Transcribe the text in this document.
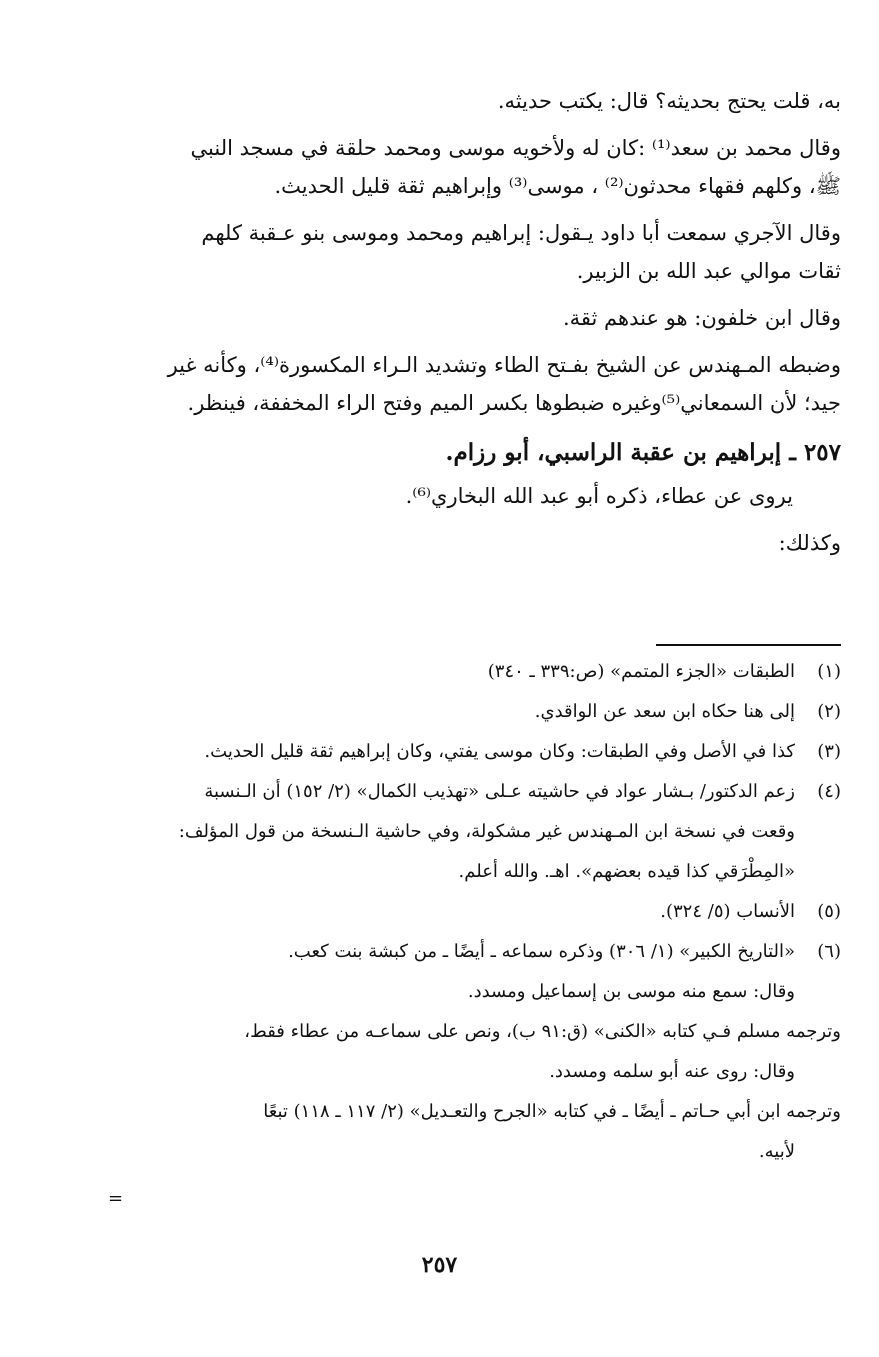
به، قلت يحتج بحديثه؟ قال: يكتب حديثه.
وقال محمد بن سعد⁽¹⁾ :كان له ولأخويه موسى ومحمد حلقة في مسجد النبي
ﷺ، وكلهم فقهاء محدثون⁽²⁾ ، موسى⁽³⁾ وإبراهيم ثقة قليل الحديث.
وقال الآجري سمعت أبا داود يـقول: إبراهيم ومحمد وموسى بنو عـقبة كلهم
ثقات موالي عبد الله بن الزبير.
وقال ابن خلفون: هو عندهم ثقة.
وضبطه المـهندس عن الشيخ بفـتح الطاء وتشديد الـراء المكسورة⁽⁴⁾، وكأنه غير
جيد؛ لأن السمعاني⁽⁵⁾وغيره ضبطوها بكسر الميم وفتح الراء المخففة، فينظر.
٢٥٧ ـ إبراهيم بن عقبة الراسبي، أبو رزام.
يروى عن عطاء، ذكره أبو عبد الله البخاري⁽⁶⁾.
وكذلك:
(١)
الطبقات «الجزء المتمم» (ص:٣٣٩ ـ ٣٤٠)
(٢)
إلى هنا حكاه ابن سعد عن الواقدي.
(٣)
كذا في الأصل وفي الطبقات: وكان موسى يفتي، وكان إبراهيم ثقة قليل الحديث.
(٤)
زعم الدكتور/ بـشار عواد في حاشيته عـلى «تهذيب الكمال» (٢/ ١٥٢) أن الـنسبة
وقعت في نسخة ابن المـهندس غير مشكولة، وفي حاشية الـنسخة من قول المؤلف:
«المِطْرَقي كذا قيده بعضهم». اهـ. والله أعلم.
(٥)
الأنساب (٥/ ٣٢٤).
(٦)
«التاريخ الكبير» (١/ ٣٠٦) وذكره سماعه ـ أيضًا ـ من كبشة بنت كعب.
وقال: سمع منه موسى بن إسماعيل ومسدد.
وترجمه مسلم فـي كتابه «الكنى» (ق:٩١ ب)، ونص على سماعـه من عطاء فقط،
وقال: روى عنه أبو سلمه ومسدد.
وترجمه ابن أبي حـاتم ـ أيضًا ـ في كتابه «الجرح والتعـديل» (٢/ ١١٧ ـ ١١٨) تبعًا
لأبيه.
=
٢٥٧
